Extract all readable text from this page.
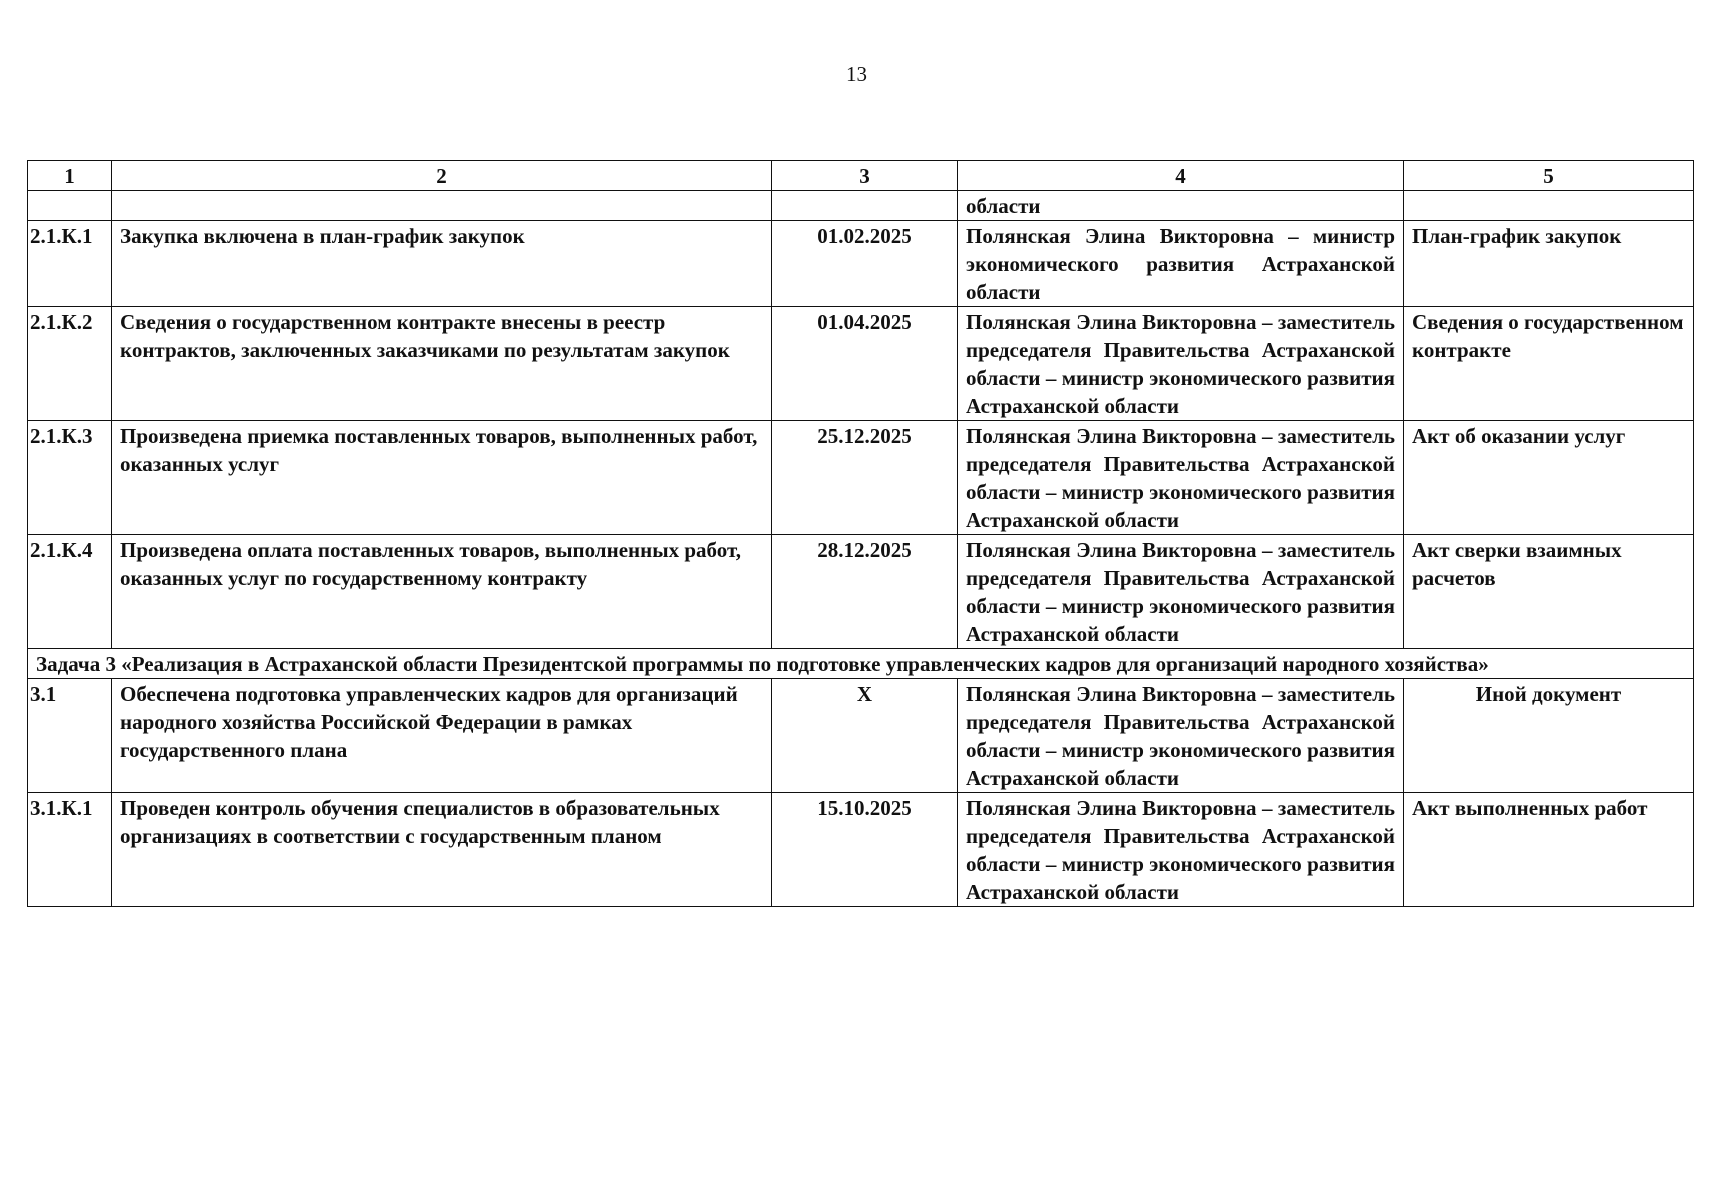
13
1	2	3	4	5
			области	
2.1.К.1	Закупка включена в план-график закупок	01.02.2025	Полянская Элина Викторовна – министр экономического развития Астраханской области	План-график закупок
2.1.К.2	Сведения о государственном контракте внесены в реестр контрактов, заключенных заказчиками по результатам закупок	01.04.2025	Полянская Элина Викторовна – заместитель председателя Правительства Астраханской области – министр экономического развития Астраханской области	Сведения о государственном контракте
2.1.К.3	Произведена приемка поставленных товаров, выполненных работ, оказанных услуг	25.12.2025	Полянская Элина Викторовна – заместитель председателя Правительства Астраханской области – министр экономического развития Астраханской области	Акт об оказании услуг
2.1.К.4	Произведена оплата поставленных товаров, выполненных работ, оказанных услуг по государственному контракту	28.12.2025	Полянская Элина Викторовна – заместитель председателя Правительства Астраханской области – министр экономического развития Астраханской области	Акт сверки взаимных расчетов
Задача 3 «Реализация в Астраханской области Президентской программы по подготовке управленческих кадров для организаций народного хозяйства»				
3.1	Обеспечена подготовка управленческих кадров для организаций народного хозяйства Российской Федерации в рамках государственного плана	Х	Полянская Элина Викторовна – заместитель председателя Правительства Астраханской области – министр экономического развития Астраханской области	Иной документ
3.1.К.1	Проведен контроль обучения специалистов в образовательных организациях в соответствии с государственным планом	15.10.2025	Полянская Элина Викторовна – заместитель председателя Правительства Астраханской области – министр экономического развития Астраханской области	Акт выполненных работ
